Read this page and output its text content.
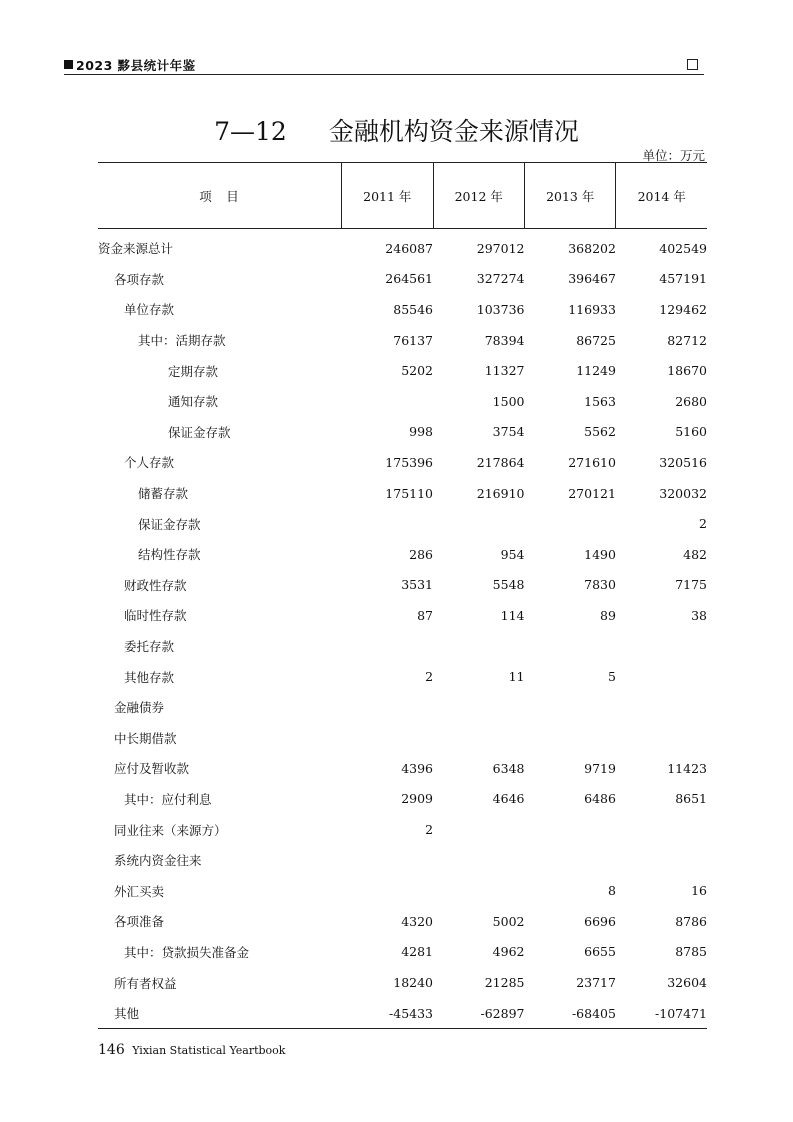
2023 黟县统计年鉴
7—12 金融机构资金来源情况
单位：万元
项　目	2011 年	2012 年	2013 年	2014 年
资金来源总计	246087	297012	368202	402549
各项存款	264561	327274	396467	457191
单位存款	85546	103736	116933	129462
其中：活期存款	76137	78394	86725	82712
定期存款	5202	11327	11249	18670
通知存款		1500	1563	2680
保证金存款	998	3754	5562	5160
个人存款	175396	217864	271610	320516
储蓄存款	175110	216910	270121	320032
保证金存款				2
结构性存款	286	954	1490	482
财政性存款	3531	5548	7830	7175
临时性存款	87	114	89	38
委托存款				
其他存款	2	11	5	
金融债券				
中长期借款				
应付及暂收款	4396	6348	9719	11423
其中：应付利息	2909	4646	6486	8651
同业往来（来源方）	2			
系统内资金往来				
外汇买卖			8	16
各项准备	4320	5002	6696	8786
其中：贷款损失准备金	4281	4962	6655	8785
所有者权益	18240	21285	23717	32604
其他	-45433	-62897	-68405	-107471
146 Yixian Statistical Yeartbook
